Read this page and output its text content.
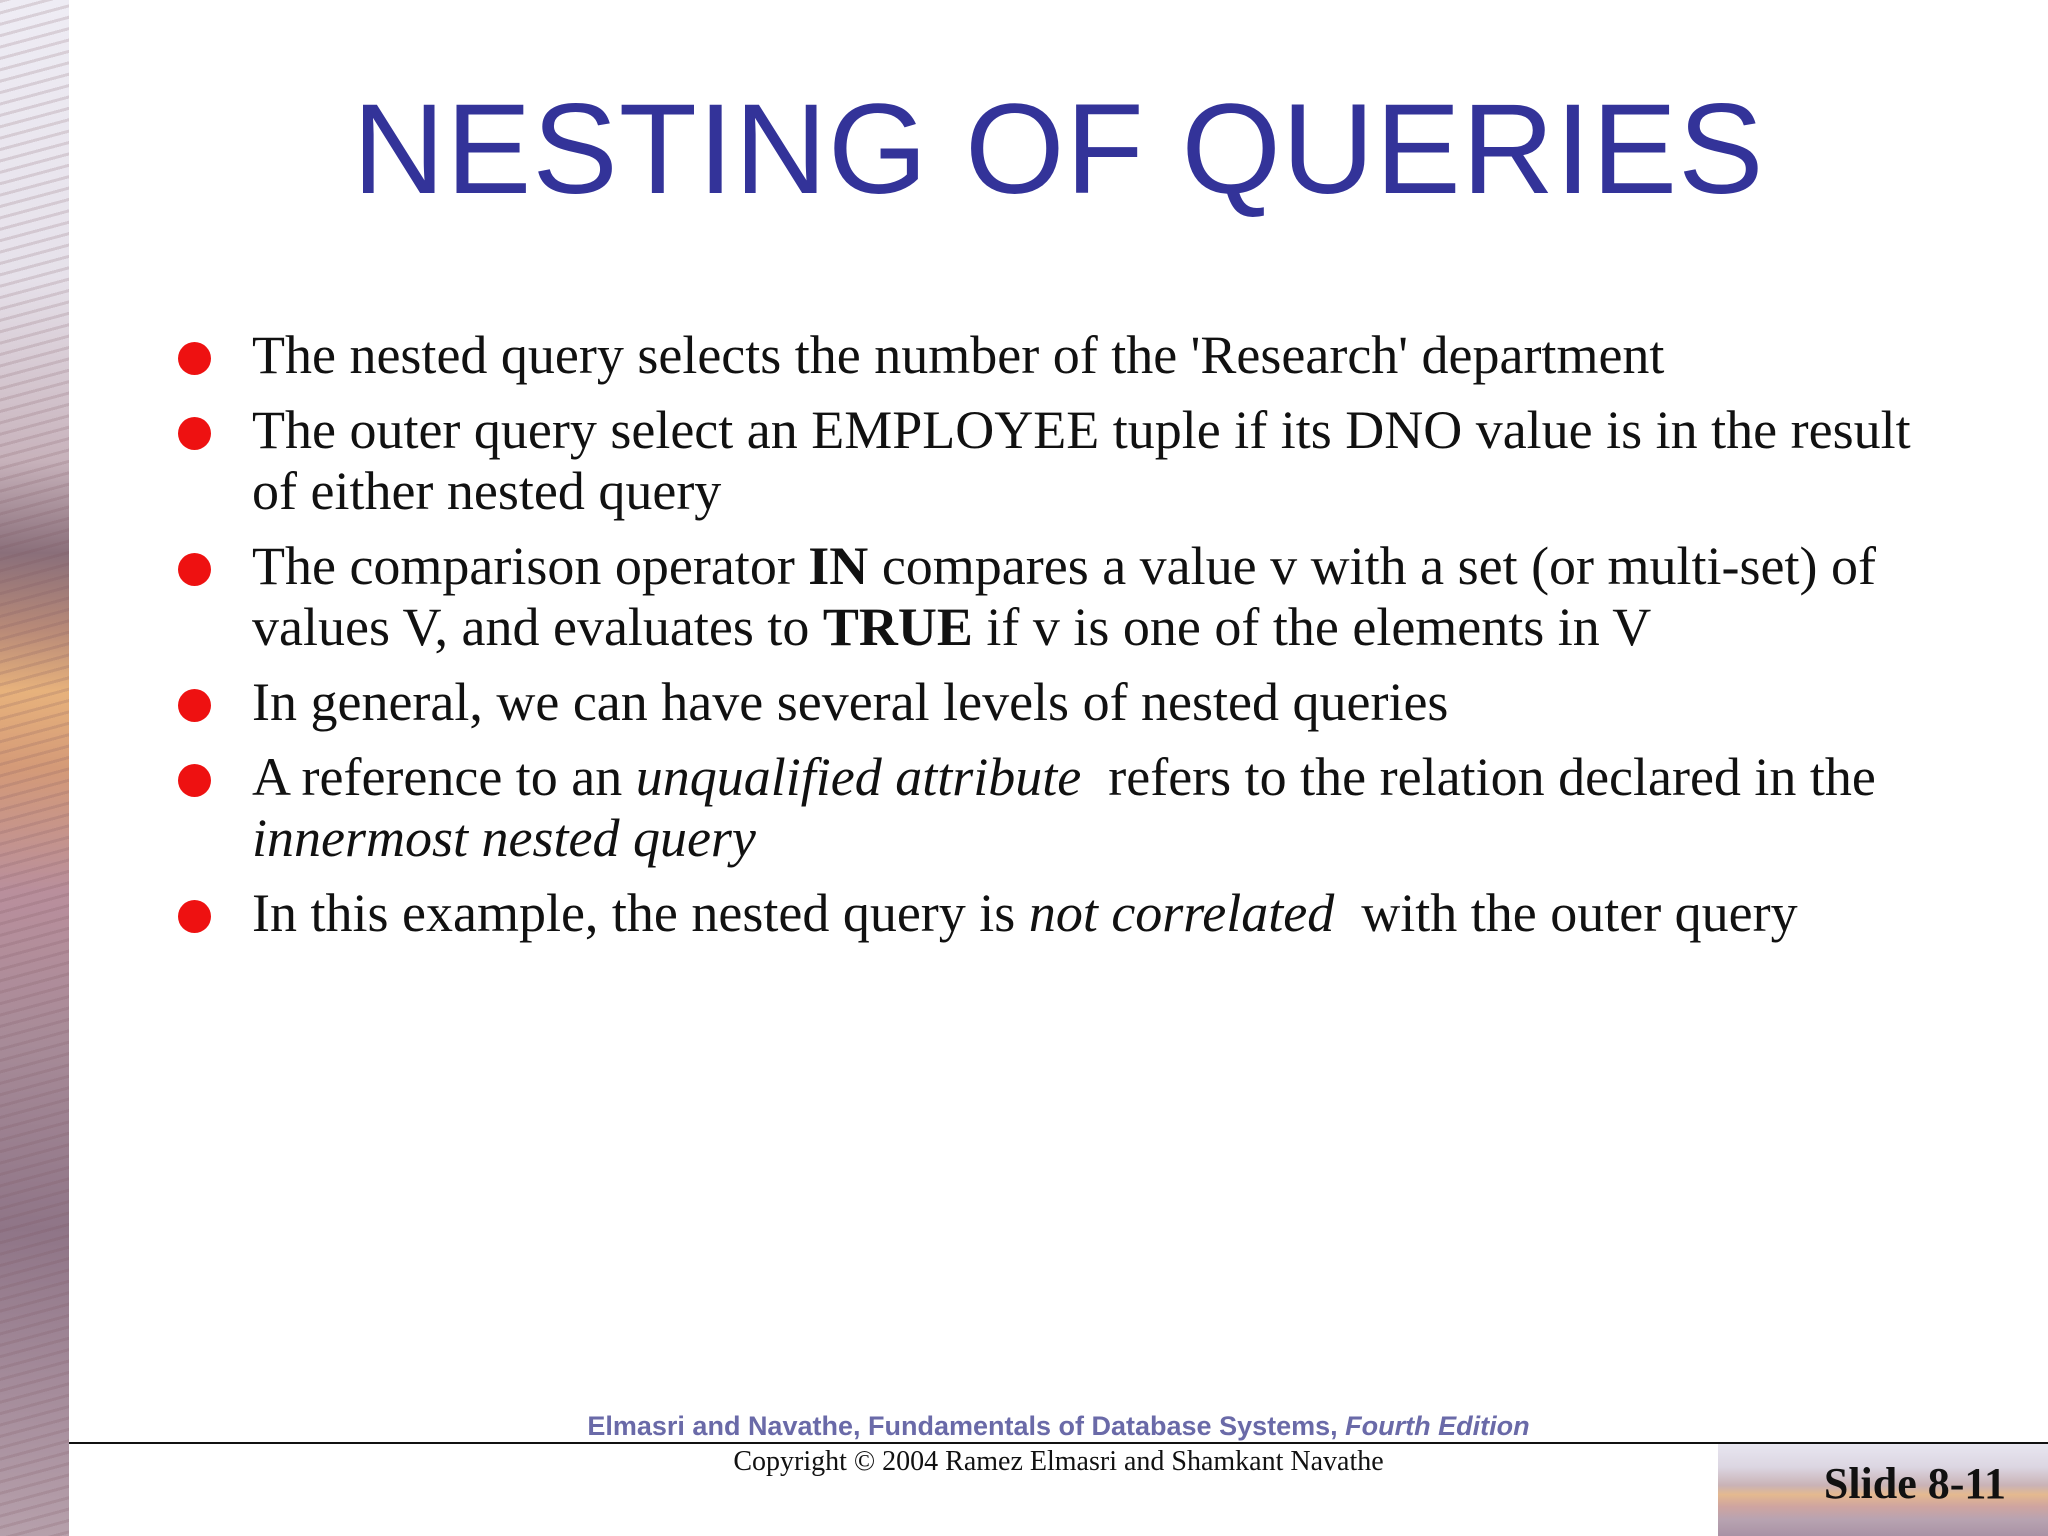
NESTING OF QUERIES
The nested query selects the number of the 'Research' department
The outer query select an EMPLOYEE tuple if its DNO value is in the result of either nested query
The comparison operator IN compares a value v with a set (or multi-set) of values V, and evaluates to TRUE if v is one of the elements in V
In general, we can have several levels of nested queries
A reference to an unqualified attribute  refers to the relation declared in the innermost nested query
In this example, the nested query is not correlated  with the outer query
Elmasri and Navathe, Fundamentals of Database Systems, Fourth Edition
Copyright © 2004 Ramez Elmasri and Shamkant Navathe	Slide 8-11
